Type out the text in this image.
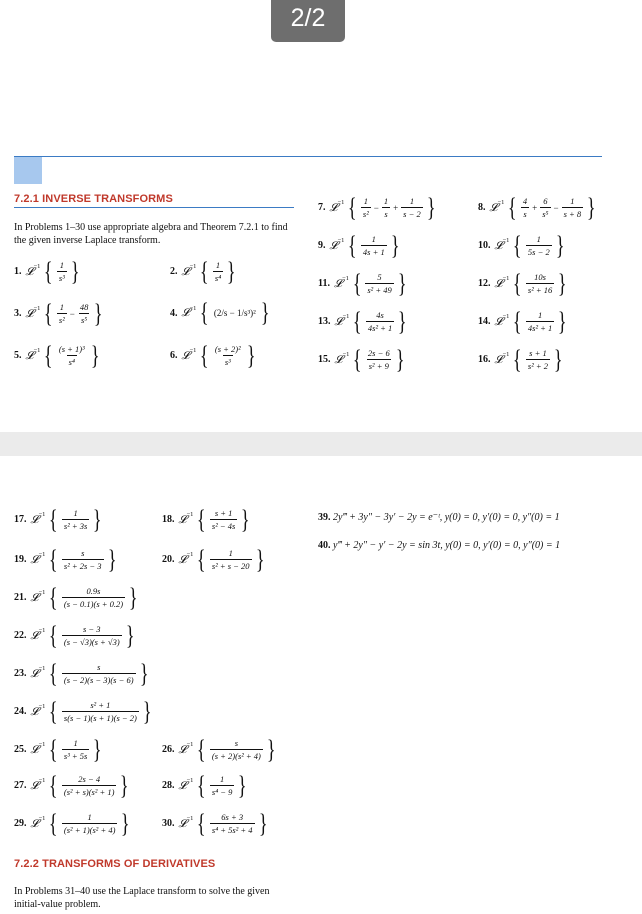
7.2.1 INVERSE TRANSFORMS
In Problems 1–30 use appropriate algebra and Theorem 7.2.1 to find the given inverse Laplace transform.
1. 𝓛 −1 { $\frac{1}{\text{s³}}$ }	2. 𝓛 −1 { $\frac{1}{\text{s⁴}}$ }
3. 𝓛 −1 { $\frac{1}{\text{s²}} - \frac{48}{\text{s⁵}}$ }	4. 𝓛 −1 { (2/s − 1/s³)² }
5. 𝓛 −1 { $\frac{\text{(s + 1)³}}{\text{s⁴}}$ }	6. 𝓛 −1 { $\frac{\text{(s + 2)²}}{\text{s³}}$ }
7. 𝓛 −1 { $\frac{1}{\text{s²}} - \frac{1}{s} + \frac{1}{s - 2}$ }	8. 𝓛 −1 { $\frac{4}{s} + \frac{6}{\text{s⁵}} - \frac{1}{s + 8}$ }
9. 𝓛 −1 { $\frac{1}{4s + 1}$ }	10. 𝓛 −1 { $\frac{1}{5s - 2}$ }
11. 𝓛 −1 { $\frac{5}{\text{s² + 49}}$ }	12. 𝓛 −1 { $\frac{10s}{\text{s² + 16}}$ }
13. 𝓛 −1 { $\frac{4s}{\text{4s² + 1}}$ }	14. 𝓛 −1 { $\frac{1}{\text{4s² + 1}}$ }
15. 𝓛 −1 { $\frac{2s - 6}{\text{s² + 9}}$ }	16. 𝓛 −1 { $\frac{s + 1}{\text{s² + 2}}$ }
2/2
17. 𝓛 −1 { $\frac{1}{\text{s² + 3s}}$ }	18. 𝓛 −1 { $\frac{s + 1}{\text{s² − 4s}}$ }
19. 𝓛 −1 { $\frac{s}{\text{s² + 2s − 3}}$ }	20. 𝓛 −1 { $\frac{1}{\text{s² + s − 20}}$ }
21. 𝓛 −1 { $\frac{0.9s}{(s - 0.1)(s + 0.2)}$ }
22. 𝓛 −1 { $\frac{s - 3}{(s - √3)(s + √3)}$ }
23. 𝓛 −1 { $\frac{s}{(s - 2)(s - 3)(s - 6)}$ }
24. 𝓛 −1 { $\frac{\text{s² + 1}}{s(s - 1)(s + 1)(s - 2)}$ }
25. 𝓛 −1 { $\frac{1}{\text{s³ + 5s}}$ }	26. 𝓛 −1 { $\frac{s}{\text{(s + 2)(s² + 4)}}$ }
27. 𝓛 −1 { $\frac{2s - 4}{\text{(s² + s)(s² + 1)}}$ }	28. 𝓛 −1 { $\frac{1}{\text{s⁴ − 9}}$ }
29. 𝓛 −1 { $\frac{1}{\text{(s² + 1)(s² + 4)}}$ }	30. 𝓛 −1 { $\frac{6s + 3}{\text{s⁴ + 5s² + 4}}$ }
7.2.2 TRANSFORMS OF DERIVATIVES
In Problems 31–40 use the Laplace transform to solve the given initial-value problem.
39. 2y‴ + 3y″ − 3y′ − 2y = e⁻ᵗ, y(0) = 0, y′(0) = 0, y″(0) = 1
40. y‴ + 2y″ − y′ − 2y = sin 3t, y(0) = 0, y′(0) = 0, y″(0) = 1
